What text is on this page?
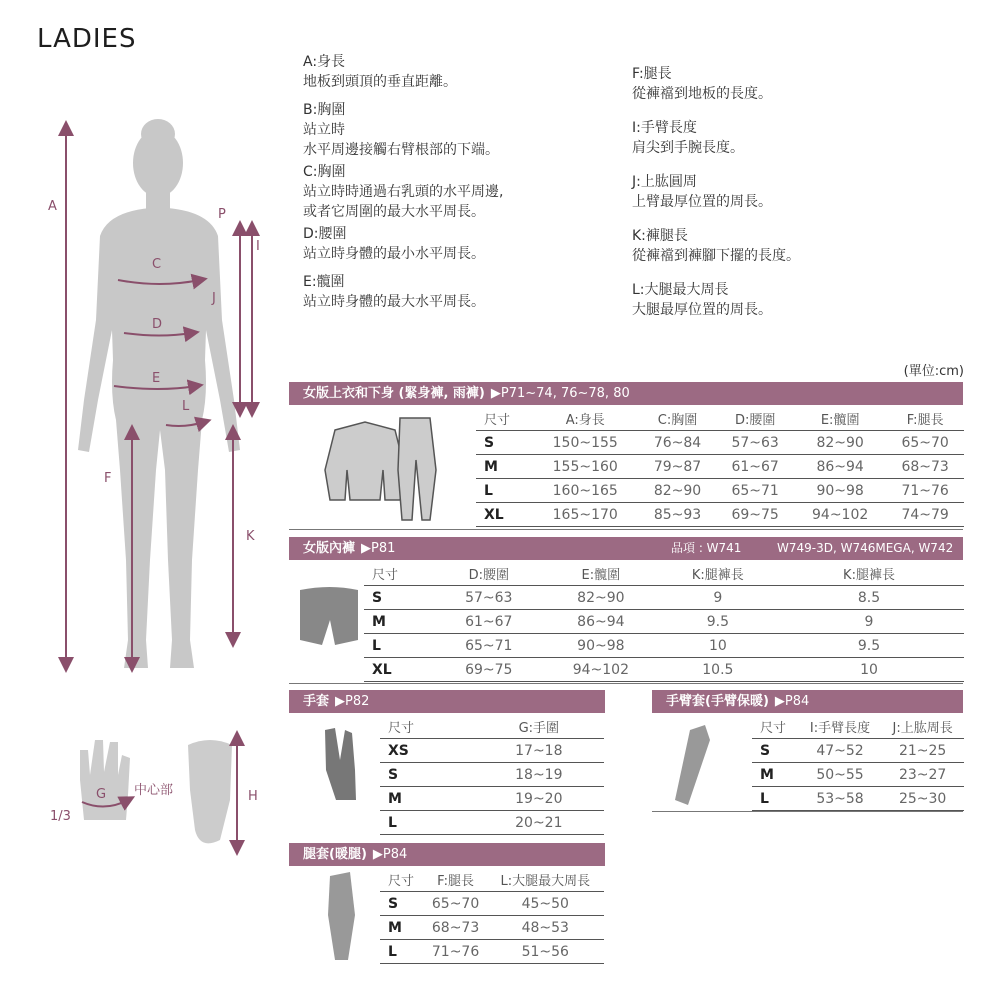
LADIES

A:身長

地板到頭頂的垂直距離。

B:胸圍

站立時

水平周邊接觸右臂根部的下端。

C:胸圍

站立時時通過右乳頭的水平周邊,

或者它周圍的最大水平周長。

D:腰圍

站立時身體的最小水平周長。

E:髖圍

站立時身體的最大水平周長。

F:腿長

從褲襠到地板的長度。

I:手臂長度

肩尖到手腕長度。

J:上肱圓周

上臂最厚位置的周長。

K:褲腿長

從褲襠到褲腳下擺的長度。

L:大腿最大周長

大腿最厚位置的周長。

A
P
I
C
J
D
E
L
F
K
G	H
中心部
1/3
(單位:cm)
女版上衣和下身 (緊身褲, 雨褲) ▶P71~74, 76~78, 80
尺寸	A:身長	C:胸圍	D:腰圍	E:髖圍	F:腿長
S	150~155	76~84	57~63	82~90	65~70
M	155~160	79~87	61~67	86~94	68~73
L	160~165	82~90	65~71	90~98	71~76
XL	165~170	85~93	69~75	94~102	74~79
女版內褲 ▶P81	品項 : W741	W749-3D, W746MEGA, W742
尺寸	D:腰圍	E:髖圍	K:腿褲長	K:腿褲長
S	57~63	82~90	9	8.5
M	61~67	86~94	9.5	9
L	65~71	90~98	10	9.5
XL	69~75	94~102	10.5	10
手套 ▶P82
尺寸	G:手圍
XS	17~18
S	18~19
M	19~20
L	20~21
手臂套(手臂保暖) ▶P84
尺寸	I:手臂長度	J:上肱周長
S	47~52	21~25
M	50~55	23~27
L	53~58	25~30
腿套(暖腿) ▶P84
尺寸	F:腿長	L:大腿最大周長
S	65~70	45~50
M	68~73	48~53
L	71~76	51~56
